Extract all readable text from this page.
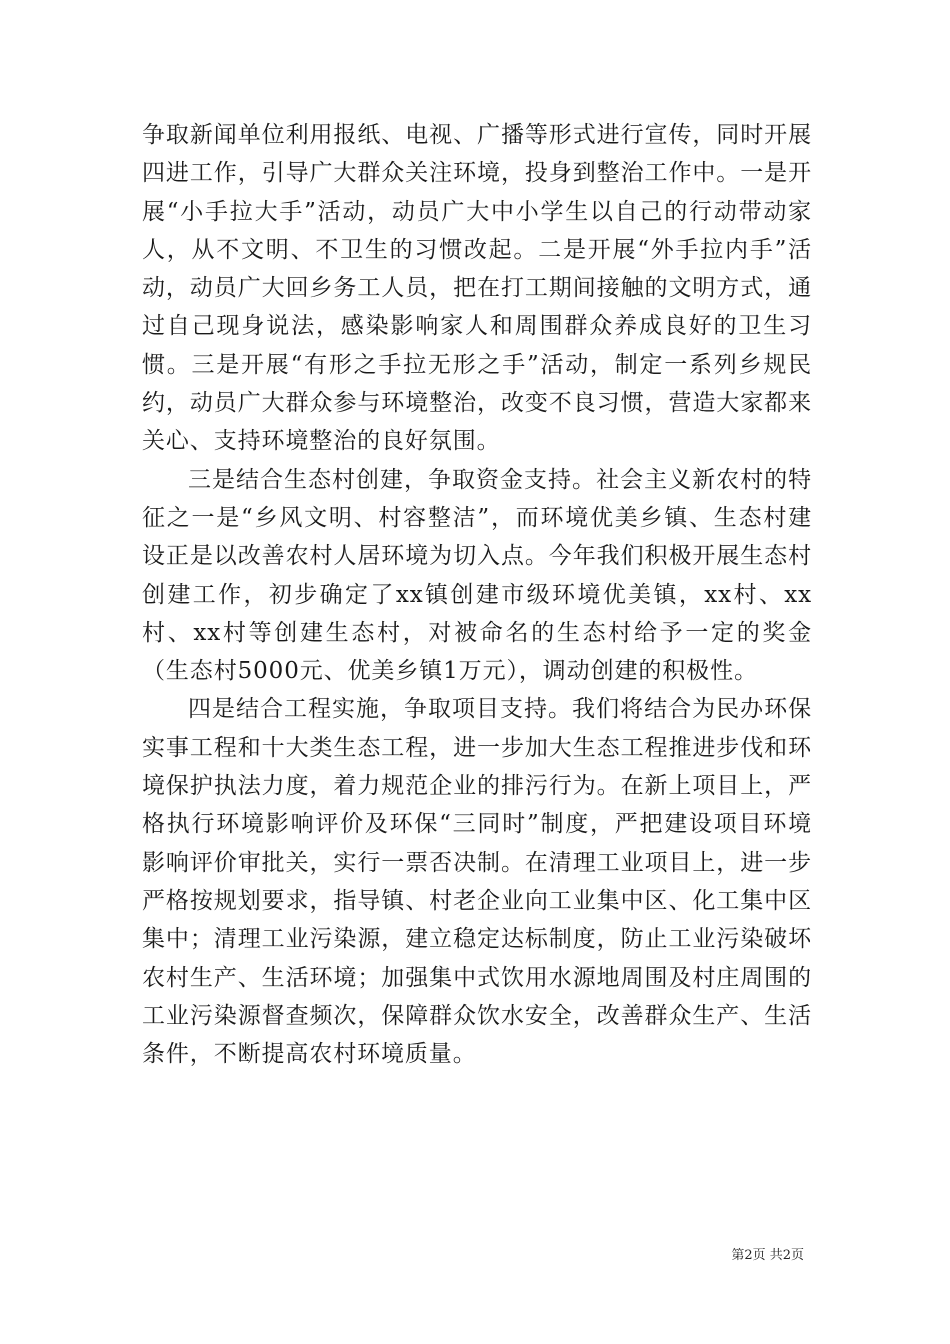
争取新闻单位利用报纸、电视、广播等形式进行宣传，同时开展四进工作，引导广大群众关注环境，投身到整治工作中。一是开展“小手拉大手”活动，动员广大中小学生以自己的行动带动家人，从不文明、不卫生的习惯改起。二是开展“外手拉内手”活动，动员广大回乡务工人员，把在打工期间接触的文明方式，通过自己现身说法，感染影响家人和周围群众养成良好的卫生习惯。三是开展“有形之手拉无形之手”活动，制定一系列乡规民约，动员广大群众参与环境整治，改变不良习惯，营造大家都来关心、支持环境整治的良好氛围。

三是结合生态村创建，争取资金支持。社会主义新农村的特征之一是“乡风文明、村容整洁”，而环境优美乡镇、生态村建设正是以改善农村人居环境为切入点。今年我们积极开展生态村创建工作，初步确定了xx镇创建市级环境优美镇，xx村、xx村、xx村等创建生态村，对被命名的生态村给予一定的奖金（生态村5000元、优美乡镇1万元），调动创建的积极性。

四是结合工程实施，争取项目支持。我们将结合为民办环保实事工程和十大类生态工程，进一步加大生态工程推进步伐和环境保护执法力度，着力规范企业的排污行为。在新上项目上，严格执行环境影响评价及环保“三同时”制度，严把建设项目环境影响评价审批关，实行一票否决制。在清理工业项目上，进一步严格按规划要求，指导镇、村老企业向工业集中区、化工集中区集中；清理工业污染源，建立稳定达标制度，防止工业污染破坏农村生产、生活环境；加强集中式饮用水源地周围及村庄周围的工业污染源督查频次，保障群众饮水安全，改善群众生产、生活条件，不断提高农村环境质量。

第2页 共2页
